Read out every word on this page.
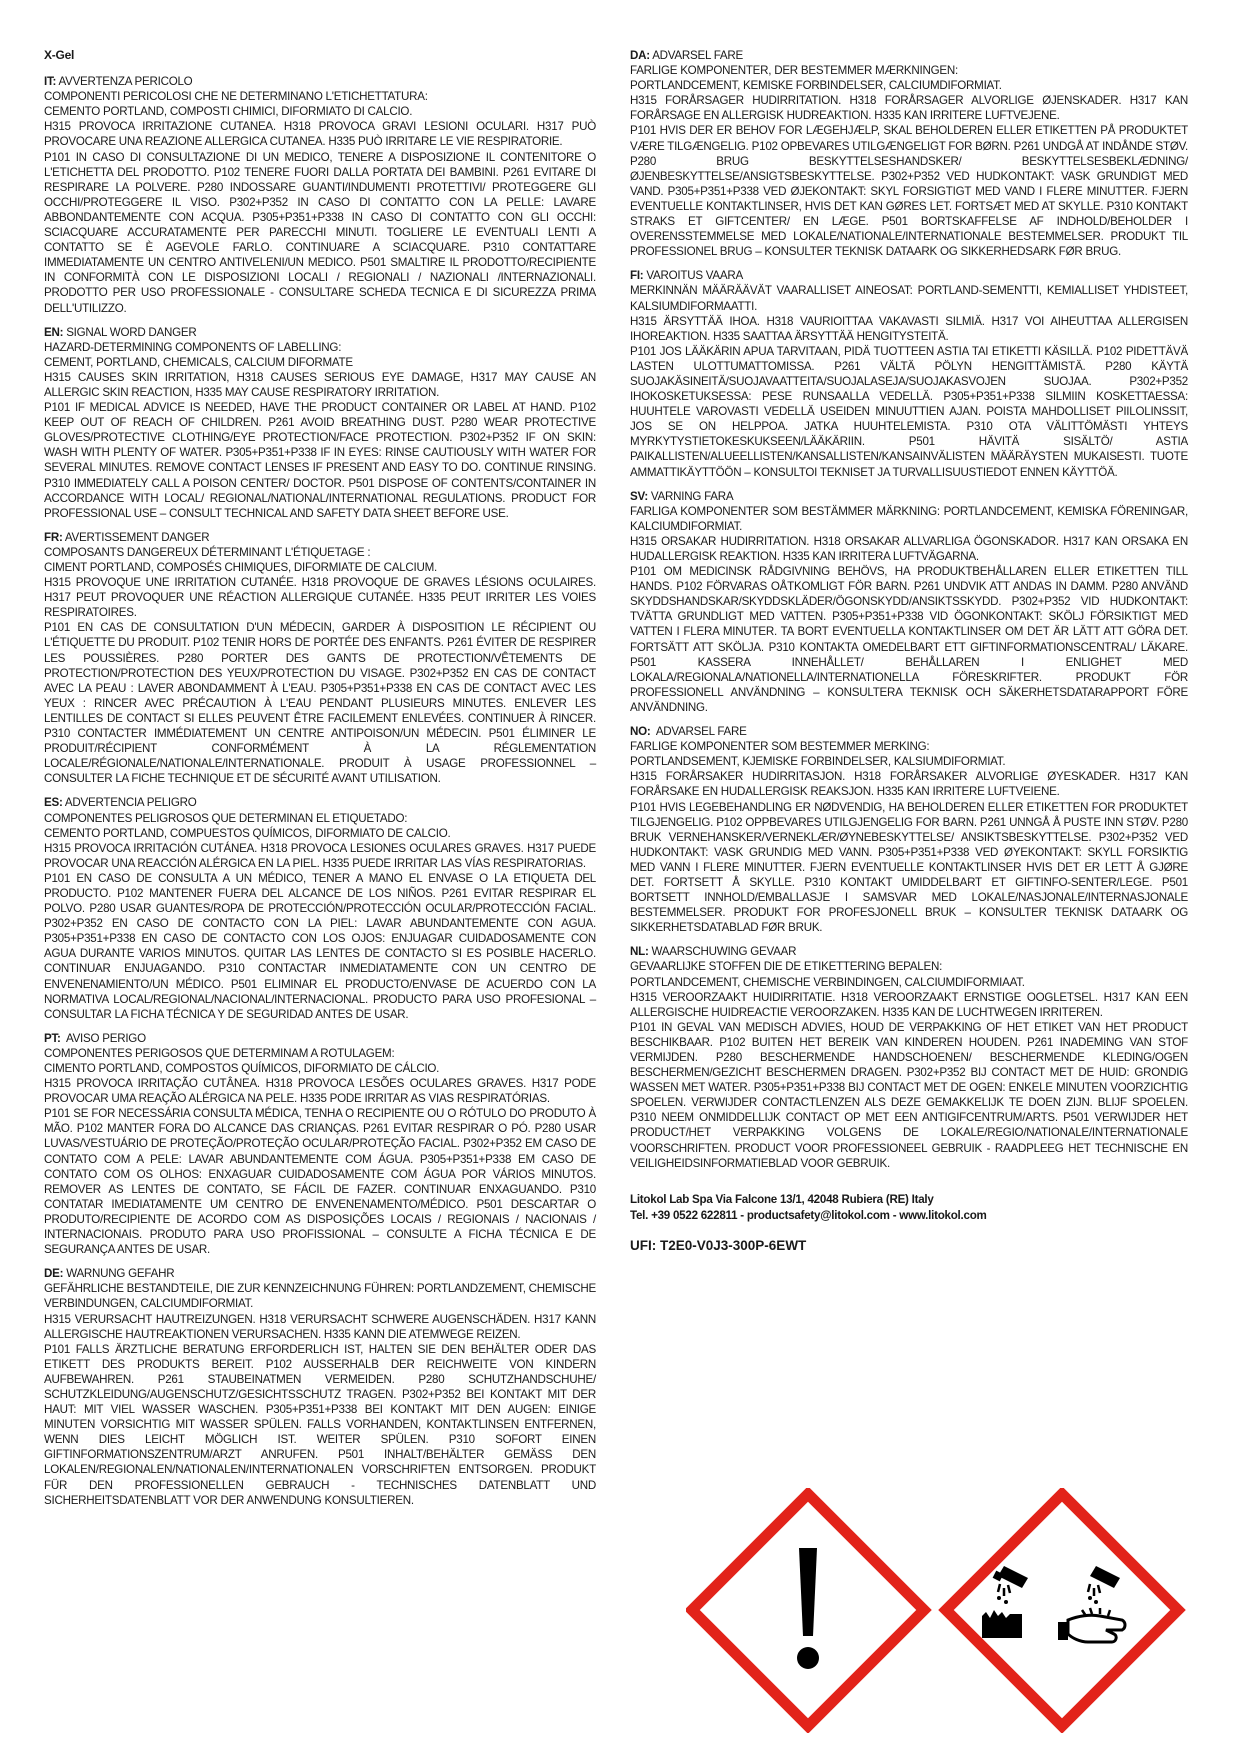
X-Gel

IT: AVVERTENZA PERICOLO

COMPONENTI PERICOLOSI CHE NE DETERMINANO L'ETICHETTATURA:

CEMENTO PORTLAND, COMPOSTI CHIMICI, DIFORMIATO DI CALCIO.

H315 PROVOCA IRRITAZIONE CUTANEA. H318 PROVOCA GRAVI LESIONI OCULARI. H317 PUÒ PROVOCARE UNA REAZIONE ALLERGICA CUTANEA. H335 PUÒ IRRITARE LE VIE RESPIRATORIE.

P101 IN CASO DI CONSULTAZIONE DI UN MEDICO, TENERE A DISPOSIZIONE IL CONTENITORE O L'ETICHETTA DEL PRODOTTO. P102 TENERE FUORI DALLA PORTATA DEI BAMBINI. P261 EVITARE DI RESPIRARE LA POLVERE. P280 INDOSSARE GUANTI/INDUMENTI PROTETTIVI/ PROTEGGERE GLI OCCHI/PROTEGGERE IL VISO. P302+P352 IN CASO DI CONTATTO CON LA PELLE: LAVARE ABBONDANTEMENTE CON ACQUA. P305+P351+P338 IN CASO DI CONTATTO CON GLI OCCHI: SCIACQUARE ACCURATAMENTE PER PARECCHI MINUTI. TOGLIERE LE EVENTUALI LENTI A CONTATTO SE È AGEVOLE FARLO. CONTINUARE A SCIACQUARE. P310 CONTATTARE IMMEDIATAMENTE UN CENTRO ANTIVELENI/UN MEDICO. P501 SMALTIRE IL PRODOTTO/RECIPIENTE IN CONFORMITÀ CON LE DISPOSIZIONI LOCALI / REGIONALI / NAZIONALI /INTERNAZIONALI. PRODOTTO PER USO PROFESSIONALE - CONSULTARE SCHEDA TECNICA E DI SICUREZZA PRIMA DELL'UTILIZZO.

EN: SIGNAL WORD DANGER

HAZARD-DETERMINING COMPONENTS OF LABELLING:

CEMENT, PORTLAND, CHEMICALS, CALCIUM DIFORMATE

H315 CAUSES SKIN IRRITATION, H318 CAUSES SERIOUS EYE DAMAGE, H317 MAY CAUSE AN ALLERGIC SKIN REACTION, H335 MAY CAUSE RESPIRATORY IRRITATION.

P101 IF MEDICAL ADVICE IS NEEDED, HAVE THE PRODUCT CONTAINER OR LABEL AT HAND. P102 KEEP OUT OF REACH OF CHILDREN. P261 AVOID BREATHING DUST. P280 WEAR PROTECTIVE GLOVES/PROTECTIVE CLOTHING/EYE PROTECTION/FACE PROTECTION. P302+P352 IF ON SKIN: WASH WITH PLENTY OF WATER. P305+P351+P338 IF IN EYES: RINSE CAUTIOUSLY WITH WATER FOR SEVERAL MINUTES. REMOVE CONTACT LENSES IF PRESENT AND EASY TO DO. CONTINUE RINSING. P310 IMMEDIATELY CALL A POISON CENTER/ DOCTOR. P501 DISPOSE OF CONTENTS/CONTAINER IN ACCORDANCE WITH LOCAL/ REGIONAL/NATIONAL/INTERNATIONAL REGULATIONS. PRODUCT FOR PROFESSIONAL USE – CONSULT TECHNICAL AND SAFETY DATA SHEET BEFORE USE.

FR: AVERTISSEMENT DANGER

COMPOSANTS DANGEREUX DÉTERMINANT L'ÉTIQUETAGE :

CIMENT PORTLAND, COMPOSÉS CHIMIQUES, DIFORMIATE DE CALCIUM.

H315 PROVOQUE UNE IRRITATION CUTANÉE. H318 PROVOQUE DE GRAVES LÉSIONS OCULAIRES. H317 PEUT PROVOQUER UNE RÉACTION ALLERGIQUE CUTANÉE. H335 PEUT IRRITER LES VOIES RESPIRATOIRES.

P101 EN CAS DE CONSULTATION D'UN MÉDECIN, GARDER À DISPOSITION LE RÉCIPIENT OU L'ÉTIQUETTE DU PRODUIT. P102 TENIR HORS DE PORTÉE DES ENFANTS. P261 ÉVITER DE RESPIRER LES POUSSIÈRES. P280 PORTER DES GANTS DE PROTECTION/VÊTEMENTS DE PROTECTION/PROTECTION DES YEUX/PROTECTION DU VISAGE. P302+P352 EN CAS DE CONTACT AVEC LA PEAU : LAVER ABONDAMMENT À L'EAU. P305+P351+P338 EN CAS DE CONTACT AVEC LES YEUX : RINCER AVEC PRÉCAUTION À L'EAU PENDANT PLUSIEURS MINUTES. ENLEVER LES LENTILLES DE CONTACT SI ELLES PEUVENT ÊTRE FACILEMENT ENLEVÉES. CONTINUER À RINCER. P310 CONTACTER IMMÉDIATEMENT UN CENTRE ANTIPOISON/UN MÉDECIN. P501 ÉLIMINER LE PRODUIT/RÉCIPIENT CONFORMÉMENT À LA RÉGLEMENTATION LOCALE/RÉGIONALE/NATIONALE/INTERNATIONALE. PRODUIT À USAGE PROFESSIONNEL – CONSULTER LA FICHE TECHNIQUE ET DE SÉCURITÉ AVANT UTILISATION.

ES: ADVERTENCIA PELIGRO

COMPONENTES PELIGROSOS QUE DETERMINAN EL ETIQUETADO:

CEMENTO PORTLAND, COMPUESTOS QUÍMICOS, DIFORMIATO DE CALCIO.

H315 PROVOCA IRRITACIÓN CUTÁNEA. H318 PROVOCA LESIONES OCULARES GRAVES. H317 PUEDE PROVOCAR UNA REACCIÓN ALÉRGICA EN LA PIEL. H335 PUEDE IRRITAR LAS VÍAS RESPIRATORIAS.

P101 EN CASO DE CONSULTA A UN MÉDICO, TENER A MANO EL ENVASE O LA ETIQUETA DEL PRODUCTO. P102 MANTENER FUERA DEL ALCANCE DE LOS NIÑOS. P261 EVITAR RESPIRAR EL POLVO. P280 USAR GUANTES/ROPA DE PROTECCIÓN/PROTECCIÓN OCULAR/PROTECCIÓN FACIAL. P302+P352 EN CASO DE CONTACTO CON LA PIEL: LAVAR ABUNDANTEMENTE CON AGUA. P305+P351+P338 EN CASO DE CONTACTO CON LOS OJOS: ENJUAGAR CUIDADOSAMENTE CON AGUA DURANTE VARIOS MINUTOS. QUITAR LAS LENTES DE CONTACTO SI ES POSIBLE HACERLO. CONTINUAR ENJUAGANDO. P310 CONTACTAR INMEDIATAMENTE CON UN CENTRO DE ENVENENAMIENTO/UN MÉDICO. P501 ELIMINAR EL PRODUCTO/ENVASE DE ACUERDO CON LA NORMATIVA LOCAL/REGIONAL/NACIONAL/INTERNACIONAL. PRODUCTO PARA USO PROFESIONAL – CONSULTAR LA FICHA TÉCNICA Y DE SEGURIDAD ANTES DE USAR.

PT:  AVISO PERIGO

COMPONENTES PERIGOSOS QUE DETERMINAM A ROTULAGEM:

CIMENTO PORTLAND, COMPOSTOS QUÍMICOS, DIFORMIATO DE CÁLCIO.

H315 PROVOCA IRRITAÇÃO CUTÂNEA. H318 PROVOCA LESÕES OCULARES GRAVES. H317 PODE PROVOCAR UMA REAÇÃO ALÉRGICA NA PELE. H335 PODE IRRITAR AS VIAS RESPIRATÓRIAS.

P101 SE FOR NECESSÁRIA CONSULTA MÉDICA, TENHA O RECIPIENTE OU O RÓTULO DO PRODUTO À MÃO. P102 MANTER FORA DO ALCANCE DAS CRIANÇAS. P261 EVITAR RESPIRAR O PÓ. P280 USAR LUVAS/VESTUÁRIO DE PROTEÇÃO/PROTEÇÃO OCULAR/PROTEÇÃO FACIAL. P302+P352 EM CASO DE CONTATO COM A PELE: LAVAR ABUNDANTEMENTE COM ÁGUA. P305+P351+P338 EM CASO DE CONTATO COM OS OLHOS: ENXAGUAR CUIDADOSAMENTE COM ÁGUA POR VÁRIOS MINUTOS. REMOVER AS LENTES DE CONTATO, SE FÁCIL DE FAZER. CONTINUAR ENXAGUANDO. P310 CONTATAR IMEDIATAMENTE UM CENTRO DE ENVENENAMENTO/MÉDICO. P501 DESCARTAR O PRODUTO/RECIPIENTE DE ACORDO COM AS DISPOSIÇÕES LOCAIS / REGIONAIS / NACIONAIS / INTERNACIONAIS. PRODUTO PARA USO PROFISSIONAL – CONSULTE A FICHA TÉCNICA E DE SEGURANÇA ANTES DE USAR.

DE: WARNUNG GEFAHR

GEFÄHRLICHE BESTANDTEILE, DIE ZUR KENNZEICHNUNG FÜHREN: PORTLANDZEMENT, CHEMISCHE VERBINDUNGEN, CALCIUMDIFORMIAT.

H315 VERURSACHT HAUTREIZUNGEN. H318 VERURSACHT SCHWERE AUGENSCHÄDEN. H317 KANN ALLERGISCHE HAUTREAKTIONEN VERURSACHEN. H335 KANN DIE ATEMWEGE REIZEN.

P101 FALLS ÄRZTLICHE BERATUNG ERFORDERLICH IST, HALTEN SIE DEN BEHÄLTER ODER DAS ETIKETT DES PRODUKTS BEREIT. P102 AUSSERHALB DER REICHWEITE VON KINDERN AUFBEWAHREN. P261 STAUBEINATMEN VERMEIDEN. P280 SCHUTZHANDSCHUHE/ SCHUTZKLEIDUNG/AUGENSCHUTZ/GESICHTSSCHUTZ TRAGEN. P302+P352 BEI KONTAKT MIT DER HAUT: MIT VIEL WASSER WASCHEN. P305+P351+P338 BEI KONTAKT MIT DEN AUGEN: EINIGE MINUTEN VORSICHTIG MIT WASSER SPÜLEN. FALLS VORHANDEN, KONTAKTLINSEN ENTFERNEN, WENN DIES LEICHT MÖGLICH IST. WEITER SPÜLEN. P310 SOFORT EINEN GIFTINFORMATIONSZENTRUM/ARZT ANRUFEN. P501 INHALT/BEHÄLTER GEMÄSS DEN LOKALEN/REGIONALEN/NATIONALEN/INTERNATIONALEN VORSCHRIFTEN ENTSORGEN. PRODUKT FÜR DEN PROFESSIONELLEN GEBRAUCH - TECHNISCHES DATENBLATT UND SICHERHEITSDATENBLATT VOR DER ANWENDUNG KONSULTIEREN.

DA: ADVARSEL FARE

FARLIGE KOMPONENTER, DER BESTEMMER MÆRKNINGEN:

PORTLANDCEMENT, KEMISKE FORBINDELSER, CALCIUMDIFORMIAT.

H315 FORÅRSAGER HUDIRRITATION. H318 FORÅRSAGER ALVORLIGE ØJENSKADER. H317 KAN FORÅRSAGE EN ALLERGISK HUDREAKTION. H335 KAN IRRITERE LUFTVEJENE.

P101 HVIS DER ER BEHOV FOR LÆGEHJÆLP, SKAL BEHOLDEREN ELLER ETIKETTEN PÅ PRODUKTET VÆRE TILGÆNGELIG. P102 OPBEVARES UTILGÆNGELIGT FOR BØRN. P261 UNDGÅ AT INDÅNDE STØV. P280 BRUG BESKYTTELSESHANDSKER/ BESKYTTELSESBEKLÆDNING/ØJENBESKYTTELSE/ANSIGTSBESKYTTELSE. P302+P352 VED HUDKONTAKT: VASK GRUNDIGT MED VAND. P305+P351+P338 VED ØJEKONTAKT: SKYL FORSIGTIGT MED VAND I FLERE MINUTTER. FJERN EVENTUELLE KONTAKTLINSER, HVIS DET KAN GØRES LET. FORTSÆT MED AT SKYLLE. P310 KONTAKT STRAKS ET GIFTCENTER/ EN LÆGE. P501 BORTSKAFFELSE AF INDHOLD/BEHOLDER I OVERENSSTEMMELSE MED LOKALE/NATIONALE/INTERNATIONALE BESTEMMELSER. PRODUKT TIL PROFESSIONEL BRUG – KONSULTER TEKNISK DATAARK OG SIKKERHEDSARK FØR BRUG.

FI: VAROITUS VAARA

MERKINNÄN MÄÄRÄÄVÄT VAARALLISET AINEOSAT: PORTLAND-SEMENTTI, KEMIALLISET YHDISTEET, KALSIUMDIFORMAATTI.

H315 ÄRSYTTÄÄ IHOA. H318 VAURIOITTAA VAKAVASTI SILMIÄ. H317 VOI AIHEUTTAA ALLERGISEN IHOREAKTION. H335 SAATTAA ÄRSYTTÄÄ HENGITYSTEITÄ.

P101 JOS LÄÄKÄRIN APUA TARVITAAN, PIDÄ TUOTTEEN ASTIA TAI ETIKETTI KÄSILLÄ. P102 PIDETTÄVÄ LASTEN ULOTTUMATTOMISSA. P261 VÄLTÄ PÖLYN HENGITTÄMISTÄ. P280 KÄYTÄ SUOJAKÄSINEITÄ/SUOJAVAATTEITA/SUOJALASEJA/SUOJAKASVOJEN SUOJAA. P302+P352 IHOKOSKETUKSESSA: PESE RUNSAALLA VEDELLÄ. P305+P351+P338 SILMIIN KOSKETTAESSA: HUUHTELE VAROVASTI VEDELLÄ USEIDEN MINUUTTIEN AJAN. POISTA MAHDOLLISET PIILOLINSSIT, JOS SE ON HELPPOA. JATKA HUUHTELEMISTA. P310 OTA VÄLITTÖMÄSTI YHTEYS MYRKYTYSTIETOKESKUKSEEN/LÄÄKÄRIIN. P501 HÄVITÄ SISÄLTÖ/ ASTIA PAIKALLISTEN/ALUEELLISTEN/KANSALLISTEN/KANSAINVÄLISTEN MÄÄRÄYSTEN MUKAISESTI. TUOTE AMMATTIKÄYTTÖÖN – KONSULTOI TEKNISET JA TURVALLISUUSTIEDOT ENNEN KÄYTTÖÄ.

SV: VARNING FARA

FARLIGA KOMPONENTER SOM BESTÄMMER MÄRKNING: PORTLANDCEMENT, KEMISKA FÖRENINGAR, KALCIUMDIFORMIAT.

H315 ORSAKAR HUDIRRITATION. H318 ORSAKAR ALLVARLIGA ÖGONSKADOR. H317 KAN ORSAKA EN HUDALLERGISK REAKTION. H335 KAN IRRITERA LUFTVÄGARNA.

P101 OM MEDICINSK RÅDGIVNING BEHÖVS, HA PRODUKTBEHÅLLAREN ELLER ETIKETTEN TILL HANDS. P102 FÖRVARAS OÅTKOMLIGT FÖR BARN. P261 UNDVIK ATT ANDAS IN DAMM. P280 ANVÄND SKYDDSHANDSKAR/SKYDDSKLÄDER/ÖGONSKYDD/ANSIKTSSKYDD. P302+P352 VID HUDKONTAKT: TVÄTTA GRUNDLIGT MED VATTEN. P305+P351+P338 VID ÖGONKONTAKT: SKÖLJ FÖRSIKTIGT MED VATTEN I FLERA MINUTER. TA BORT EVENTUELLA KONTAKTLINSER OM DET ÄR LÄTT ATT GÖRA DET. FORTSÄTT ATT SKÖLJA. P310 KONTAKTA OMEDELBART ETT GIFTINFORMATIONSCENTRAL/ LÄKARE. P501 KASSERA INNEHÅLLET/ BEHÅLLAREN I ENLIGHET MED LOKALA/REGIONALA/NATIONELLA/INTERNATIONELLA FÖRESKRIFTER. PRODUKT FÖR PROFESSIONELL ANVÄNDNING – KONSULTERA TEKNISK OCH SÄKERHETSDATARAPPORT FÖRE ANVÄNDNING.

NO:  ADVARSEL FARE

FARLIGE KOMPONENTER SOM BESTEMMER MERKING:

PORTLANDSEMENT, KJEMISKE FORBINDELSER, KALSIUMDIFORMIAT.

H315 FORÅRSAKER HUDIRRITASJON. H318 FORÅRSAKER ALVORLIGE ØYESKADER. H317 KAN FORÅRSAKE EN HUDALLERGISK REAKSJON. H335 KAN IRRITERE LUFTVEIENE.

P101 HVIS LEGEBEHANDLING ER NØDVENDIG, HA BEHOLDEREN ELLER ETIKETTEN FOR PRODUKTET TILGJENGELIG. P102 OPPBEVARES UTILGJENGELIG FOR BARN. P261 UNNGÅ Å PUSTE INN STØV. P280 BRUK VERNEHANSKER/VERNEKLÆR/ØYNEBESKYTTELSE/ ANSIKTSBESKYTTELSE. P302+P352 VED HUDKONTAKT: VASK GRUNDIG MED VANN. P305+P351+P338 VED ØYEKONTAKT: SKYLL FORSIKTIG MED VANN I FLERE MINUTTER. FJERN EVENTUELLE KONTAKTLINSER HVIS DET ER LETT Å GJØRE DET. FORTSETT Å SKYLLE. P310 KONTAKT UMIDDELBART ET GIFTINFO-SENTER/LEGE. P501 BORTSETT INNHOLD/EMBALLASJE I SAMSVAR MED LOKALE/NASJONALE/INTERNASJONALE BESTEMMELSER. PRODUKT FOR PROFESJONELL BRUK – KONSULTER TEKNISK DATAARK OG SIKKERHETSDATABLAD FØR BRUK.

NL: WAARSCHUWING GEVAAR

GEVAARLIJKE STOFFEN DIE DE ETIKETTERING BEPALEN:

PORTLANDCEMENT, CHEMISCHE VERBINDINGEN, CALCIUMDIFORMIAAT.

H315 VEROORZAAKT HUIDIRRITATIE. H318 VEROORZAAKT ERNSTIGE OOGLETSEL. H317 KAN EEN ALLERGISCHE HUIDREACTIE VEROORZAKEN. H335 KAN DE LUCHTWEGEN IRRITEREN.

P101 IN GEVAL VAN MEDISCH ADVIES, HOUD DE VERPAKKING OF HET ETIKET VAN HET PRODUCT BESCHIKBAAR. P102 BUITEN HET BEREIK VAN KINDEREN HOUDEN. P261 INADEMING VAN STOF VERMIJDEN. P280 BESCHERMENDE HANDSCHOENEN/ BESCHERMENDE KLEDING/OGEN BESCHERMEN/GEZICHT BESCHERMEN DRAGEN. P302+P352 BIJ CONTACT MET DE HUID: GRONDIG WASSEN MET WATER. P305+P351+P338 BIJ CONTACT MET DE OGEN: ENKELE MINUTEN VOORZICHTIG SPOELEN. VERWIJDER CONTACTLENZEN ALS DEZE GEMAKKELIJK TE DOEN ZIJN. BLIJF SPOELEN. P310 NEEM ONMIDDELLIJK CONTACT OP MET EEN ANTIGIFCENTRUM/ARTS. P501 VERWIJDER HET PRODUCT/HET VERPAKKING VOLGENS DE LOKALE/REGIO/NATIONALE/INTERNATIONALE VOORSCHRIFTEN. PRODUCT VOOR PROFESSIONEEL GEBRUIK - RAADPLEEG HET TECHNISCHE EN VEILIGHEIDSINFORMATIEBLAD VOOR GEBRUIK.

Litokol Lab Spa Via Falcone 13/1, 42048 Rubiera (RE) Italy

Tel. +39 0522 622811 - productsafety@litokol.com - www.litokol.com

UFI: T2E0-V0J3-300P-6EWT
